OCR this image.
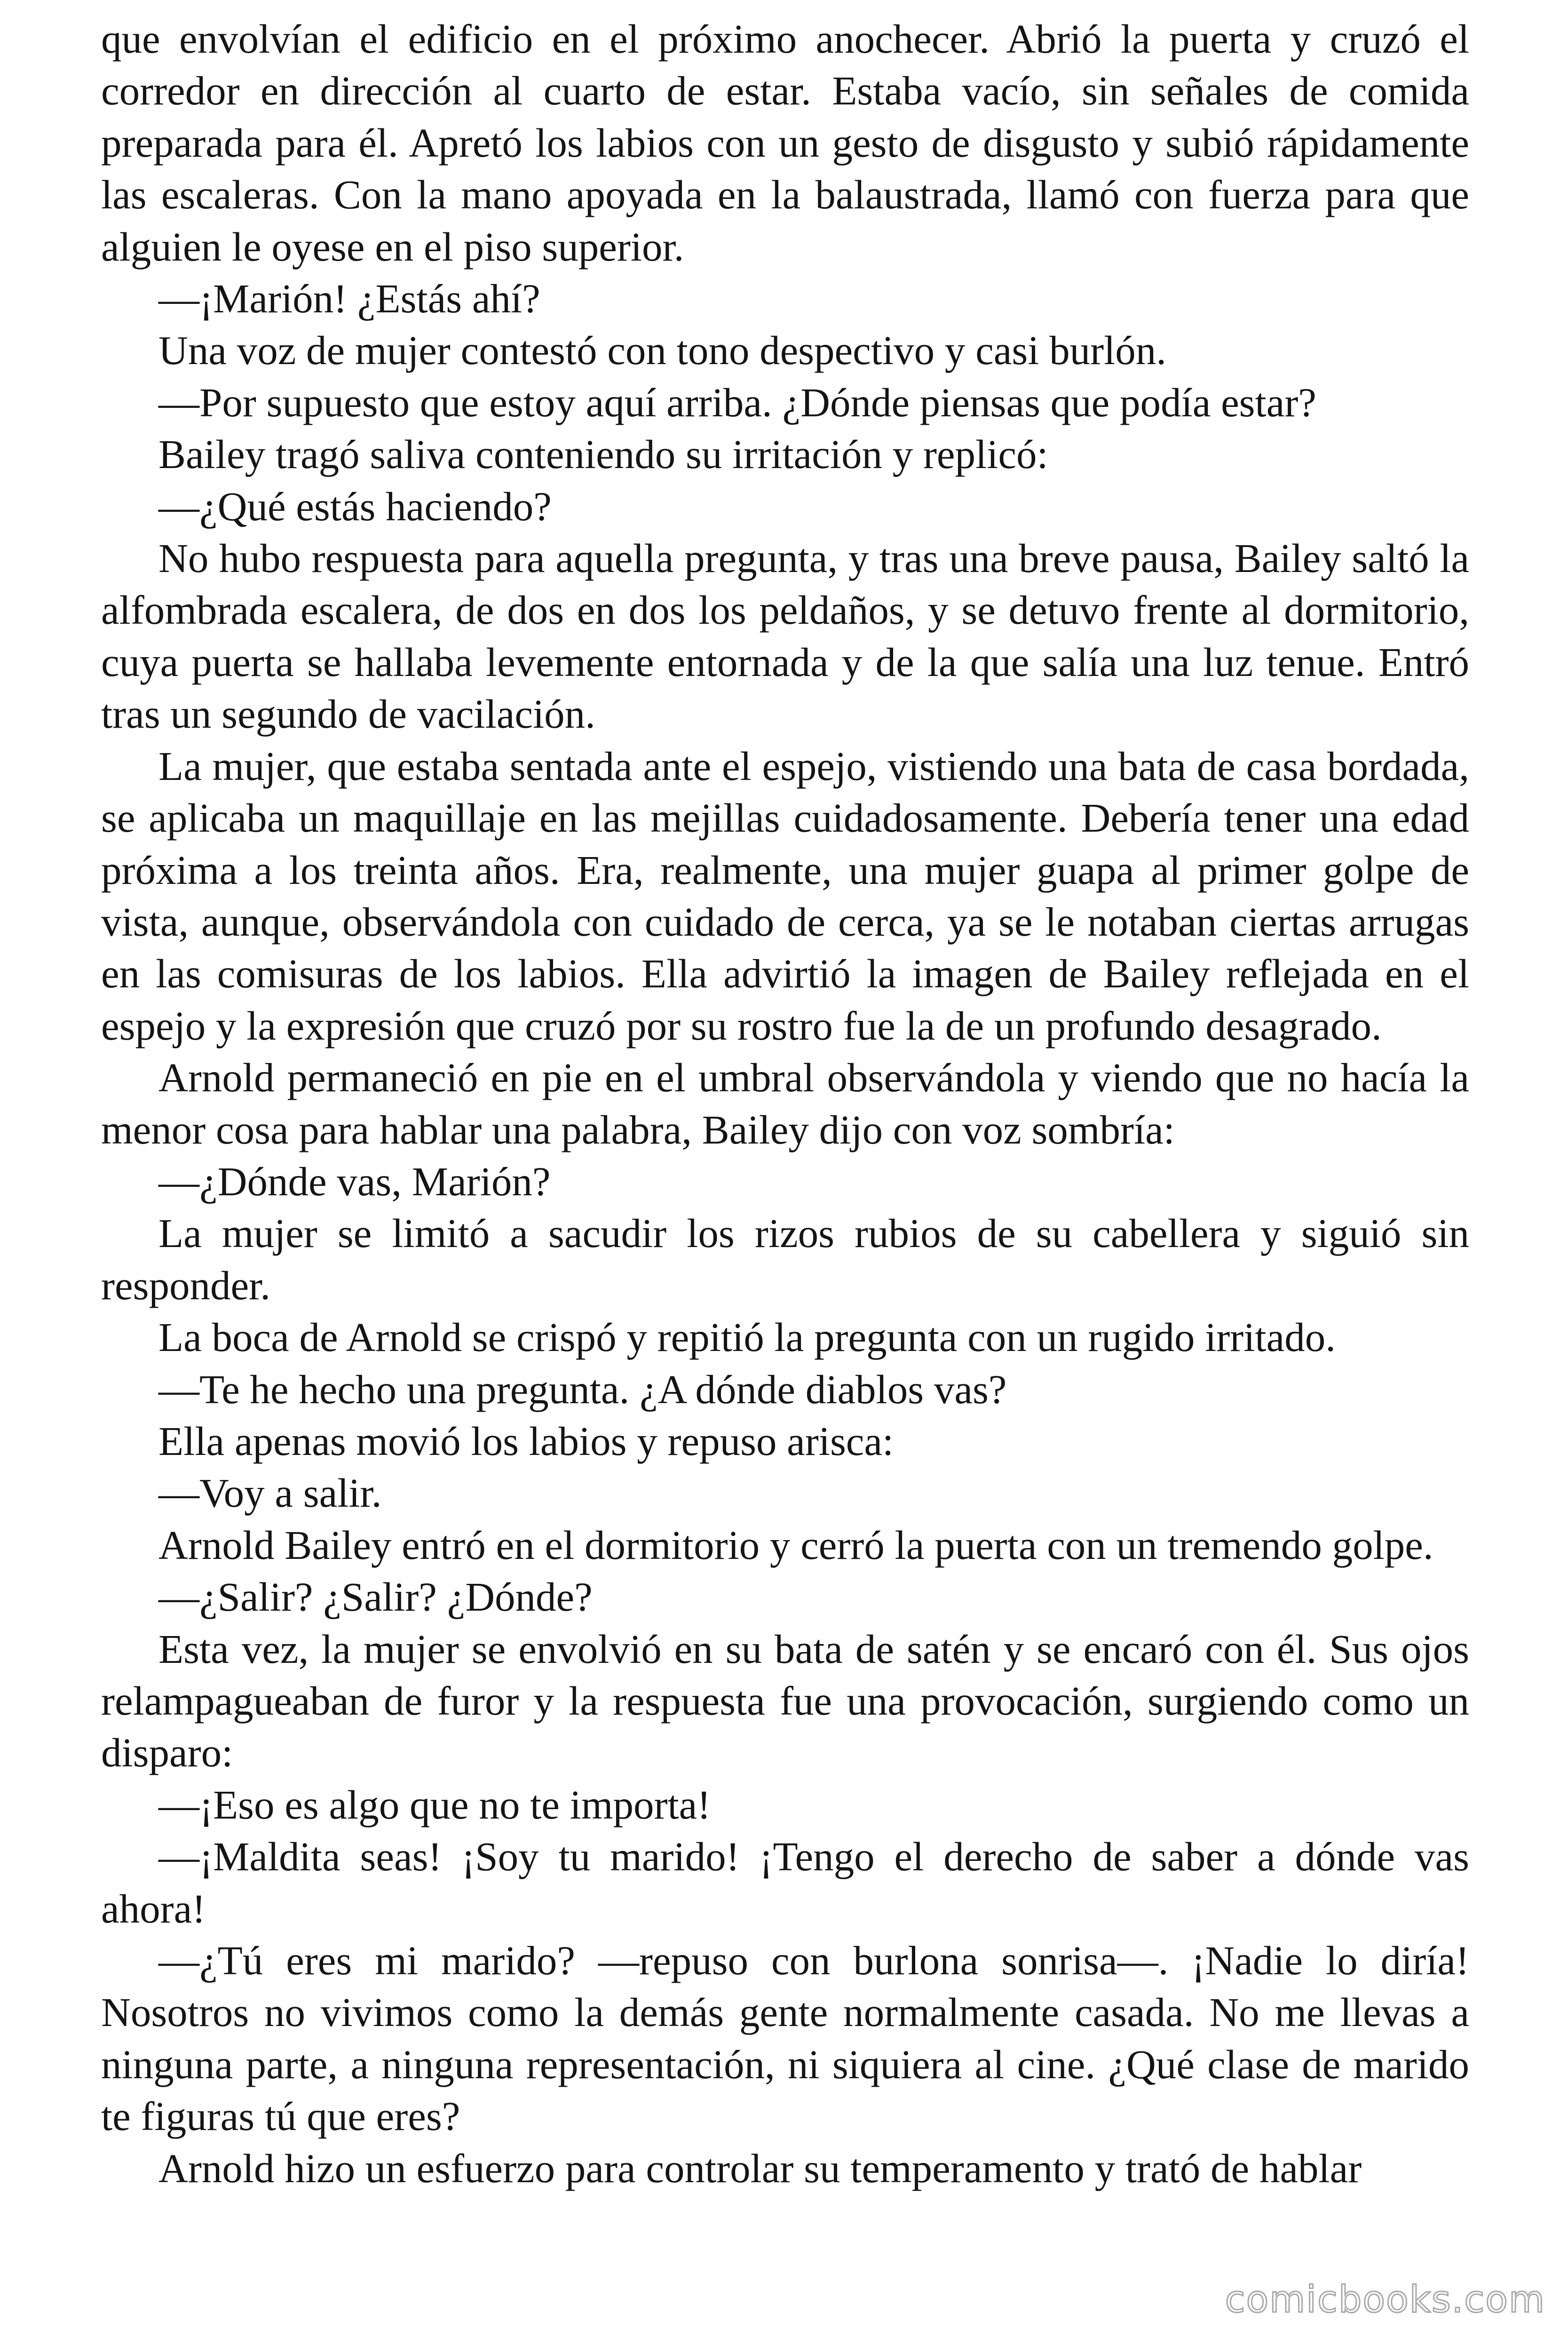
que envolvían el edificio en el próximo anochecer. Abrió la puerta y cruzó el corredor en dirección al cuarto de estar. Estaba vacío, sin señales de comida preparada para él. Apretó los labios con un gesto de disgusto y subió rápidamente las escaleras. Con la mano apoyada en la balaustrada, llamó con fuerza para que alguien le oyese en el piso superior.

—¡Marión! ¿Estás ahí?

Una voz de mujer contestó con tono despectivo y casi burlón.

—Por supuesto que estoy aquí arriba. ¿Dónde piensas que podía estar?

Bailey tragó saliva conteniendo su irritación y replicó:

—¿Qué estás haciendo?

No hubo respuesta para aquella pregunta, y tras una breve pausa, Bailey saltó la alfombrada escalera, de dos en dos los peldaños, y se detuvo frente al dormitorio, cuya puerta se hallaba levemente entornada y de la que salía una luz tenue. Entró tras un segundo de vacilación.

La mujer, que estaba sentada ante el espejo, vistiendo una bata de casa bordada, se aplicaba un maquillaje en las mejillas cuidadosamente. Debería tener una edad próxima a los treinta años. Era, realmente, una mujer guapa al primer golpe de vista, aunque, observándola con cuidado de cerca, ya se le notaban ciertas arrugas en las comisuras de los labios. Ella advirtió la imagen de Bailey reflejada en el espejo y la expresión que cruzó por su rostro fue la de un profundo desagrado.

Arnold permaneció en pie en el umbral observándola y viendo que no hacía la menor cosa para hablar una palabra, Bailey dijo con voz sombría:

—¿Dónde vas, Marión?

La mujer se limitó a sacudir los rizos rubios de su cabellera y siguió sin responder.

La boca de Arnold se crispó y repitió la pregunta con un rugido irritado.

—Te he hecho una pregunta. ¿A dónde diablos vas?

Ella apenas movió los labios y repuso arisca:

—Voy a salir.

Arnold Bailey entró en el dormitorio y cerró la puerta con un tremendo golpe.

—¿Salir? ¿Salir? ¿Dónde?

Esta vez, la mujer se envolvió en su bata de satén y se encaró con él. Sus ojos relampagueaban de furor y la respuesta fue una provocación, surgiendo como un disparo:

—¡Eso es algo que no te importa!

—¡Maldita seas! ¡Soy tu marido! ¡Tengo el derecho de saber a dónde vas ahora!

—¿Tú eres mi marido? —repuso con burlona sonrisa—. ¡Nadie lo diría! Nosotros no vivimos como la demás gente normalmente casada. No me llevas a ninguna parte, a ninguna representación, ni siquiera al cine. ¿Qué clase de marido te figuras tú que eres?

Arnold hizo un esfuerzo para controlar su temperamento y trató de hablar

comicbooks.com
